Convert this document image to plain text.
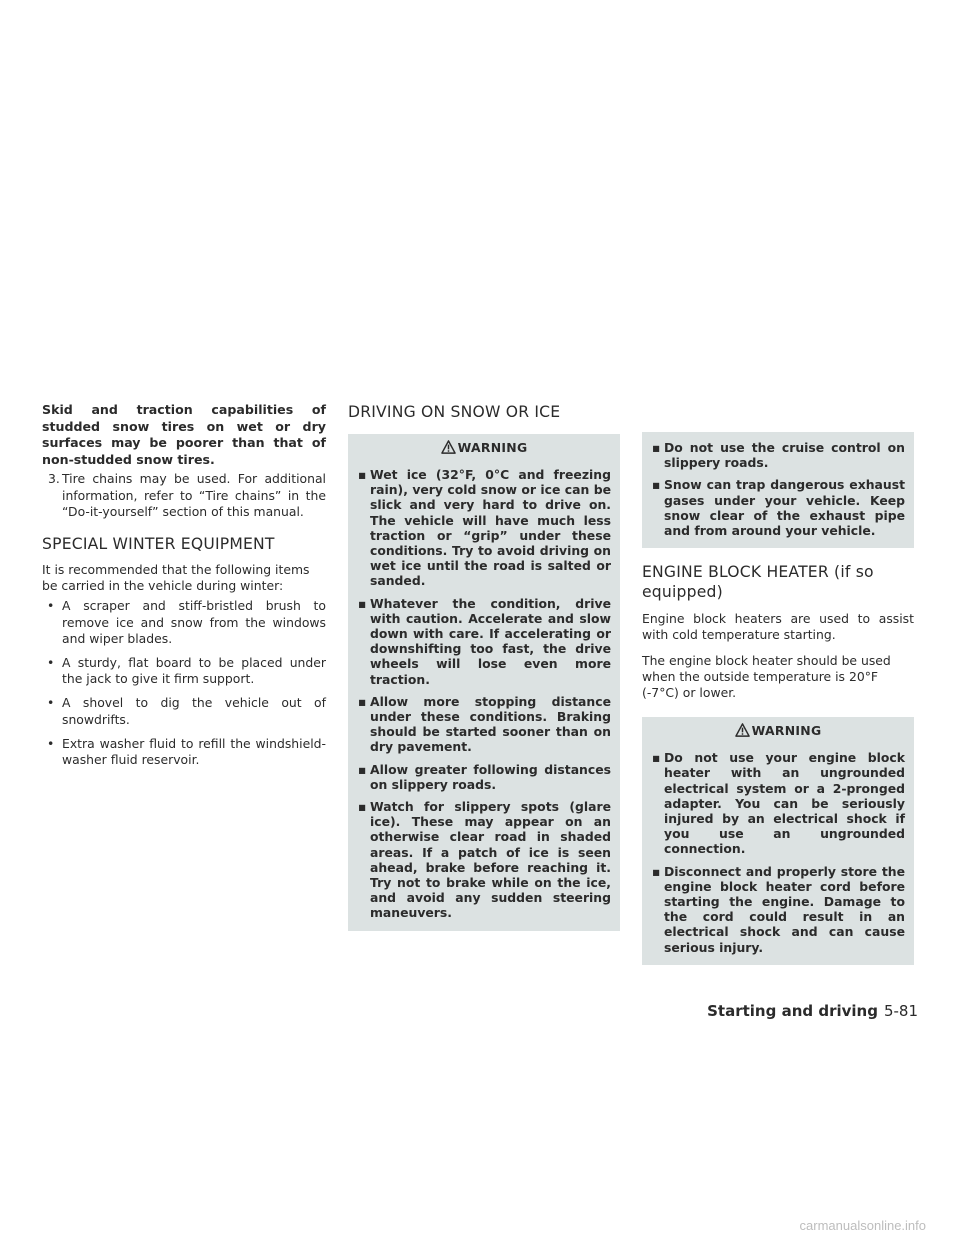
Skid and traction capabilities of studded snow tires on wet or dry surfaces may be poorer than that of non-studded snow tires.

3. Tire chains may be used. For additional information, refer to “Tire chains” in the “Do-it-yourself” section of this manual.
SPECIAL WINTER EQUIPMENT

It is recommended that the following items be carried in the vehicle during winter:

• A scraper and stiff-bristled brush to remove ice and snow from the windows and wiper blades.
• A sturdy, flat board to be placed under the jack to give it firm support.
• A shovel to dig the vehicle out of snowdrifts.
• Extra washer fluid to refill the windshield-washer fluid reservoir.
DRIVING ON SNOW OR ICE
WARNING
▪ Wet ice (32°F, 0°C and freezing rain), very cold snow or ice can be slick and very hard to drive on. The vehicle will have much less traction or “grip” under these conditions. Try to avoid driving on wet ice until the road is salted or sanded.
▪ Whatever the condition, drive with caution. Accelerate and slow down with care. If accelerating or downshifting too fast, the drive wheels will lose even more traction.
▪ Allow more stopping distance under these conditions. Braking should be started sooner than on dry pavement.
▪ Allow greater following distances on slippery roads.
▪ Watch for slippery spots (glare ice). These may appear on an otherwise clear road in shaded areas. If a patch of ice is seen ahead, brake before reaching it. Try not to brake while on the ice, and avoid any sudden steering maneuvers.
▪ Do not use the cruise control on slippery roads.
▪ Snow can trap dangerous exhaust gases under your vehicle. Keep snow clear of the exhaust pipe and from around your vehicle.
ENGINE BLOCK HEATER (if so equipped)

Engine block heaters are used to assist with cold temperature starting.

The engine block heater should be used when the outside temperature is 20°F (-7°C) or lower.

WARNING
▪ Do not use your engine block heater with an ungrounded electrical system or a 2-pronged adapter. You can be seriously injured by an electrical shock if you use an ungrounded connection.
▪ Disconnect and properly store the engine block heater cord before starting the engine. Damage to the cord could result in an electrical shock and can cause serious injury.
Starting and driving 5-81
carmanualsonline.info
